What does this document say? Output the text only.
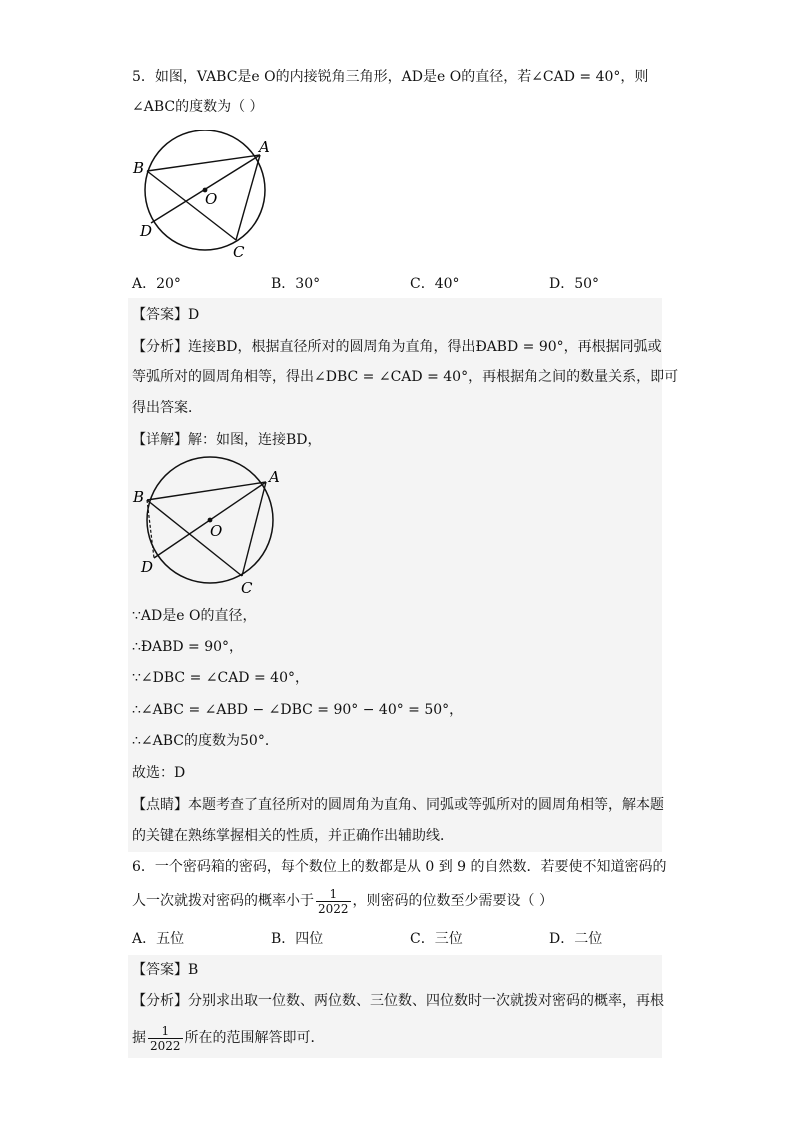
5．如图，VABC是e O的内接锐角三角形，AD是e O的直径，若∠CAD = 40°，则
∠ABC的度数为（ ）
B
A
O
D
C
A．20°	B．30°	C．40°	D．50°
【答案】D
【分析】连接BD，根据直径所对的圆周角为直角，得出ÐABD = 90°，再根据同弧或
等弧所对的圆周角相等，得出∠DBC = ∠CAD = 40°，再根据角之间的数量关系，即可
得出答案．
【详解】解：如图，连接BD，
B
A
O
D
C
∵AD是e O的直径，
∴ÐABD = 90°，
∵∠DBC = ∠CAD = 40°，
∴∠ABC = ∠ABD − ∠DBC = 90° − 40° = 50°，
∴∠ABC的度数为50°．
故选：D
【点睛】本题考查了直径所对的圆周角为直角、同弧或等弧所对的圆周角相等，解本题
的关键在熟练掌握相关的性质，并正确作出辅助线．
6．一个密码箱的密码，每个数位上的数都是从 0 到 9 的自然数．若要使不知道密码的
人一次就拨对密码的概率小于 $\frac{1}{2022}$ ，则密码的位数至少需要设（ ）
A．五位	B．四位	C．三位	D．二位
【答案】B
【分析】分别求出取一位数、两位数、三位数、四位数时一次就拨对密码的概率，再根
据 $\frac{1}{2022}$ 所在的范围解答即可．
